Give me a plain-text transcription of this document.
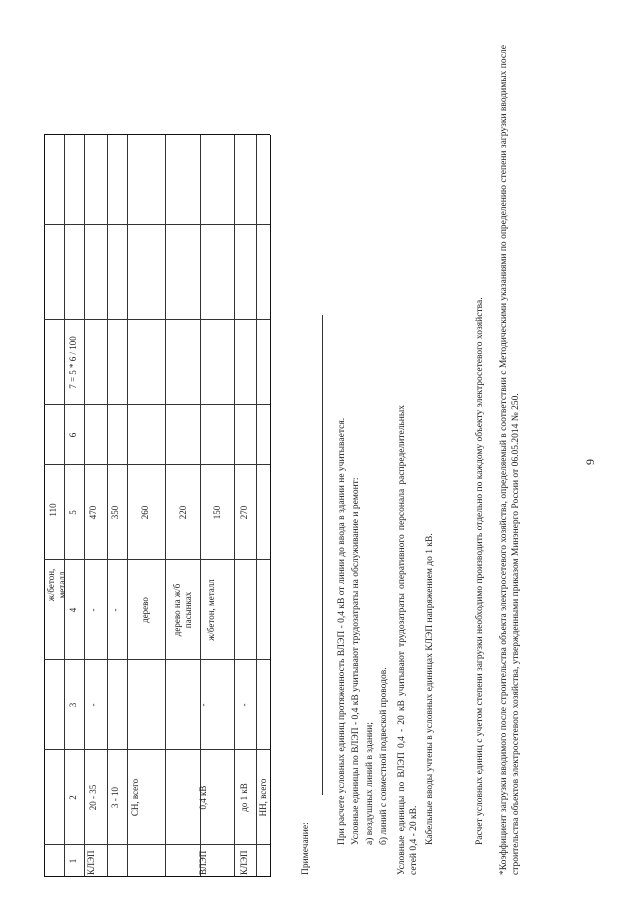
ж/бетон, металл
110
1
2
3
4
5
6
7 = 5 * 6 / 100
КЛЭП
20 - 35
-
-
470
3 - 10
-
350
СН, всего
ВЛЭП
0,4 кВ
-
дерево
260
дерево на ж/б пасынках
220
ж/бетон, металл
150
КЛЭП
до 1 кВ
-
270
НН, всего
Примечание:
При расчете условных единиц протяженность ВЛЭП - 0,4 кВ от линии до ввода в здании не учитывается. Условные единицы по ВЛЭП - 0,4 кВ учитывают трудозатраты на обслуживание и ремонт: а) воздушных линий в здании; б) линий с совместной подвеской проводов. Условные единицы по ВЛЭП 0,4 - 20 кВ учитывают трудозатраты оперативного персонала распределительных сетей 0,4 - 20 кВ. Кабельные вводы учтены в условных единицах КЛЭП напряжением до 1 кВ.	Расчет условных единиц с учетом степени загрузки необходимо производить отдельно по каждому объекту электросетевого хозяйства. *Коэффициент загрузки вводимого после строительства объекта электросетевого хозяйства, определяемый в соответствии с Методическими указаниями по определению степени загрузки вводимых после строительства объектов электросетевого хозяйства, утвержденными приказом Минэнерго России от 06.05.2014 № 250.	9
